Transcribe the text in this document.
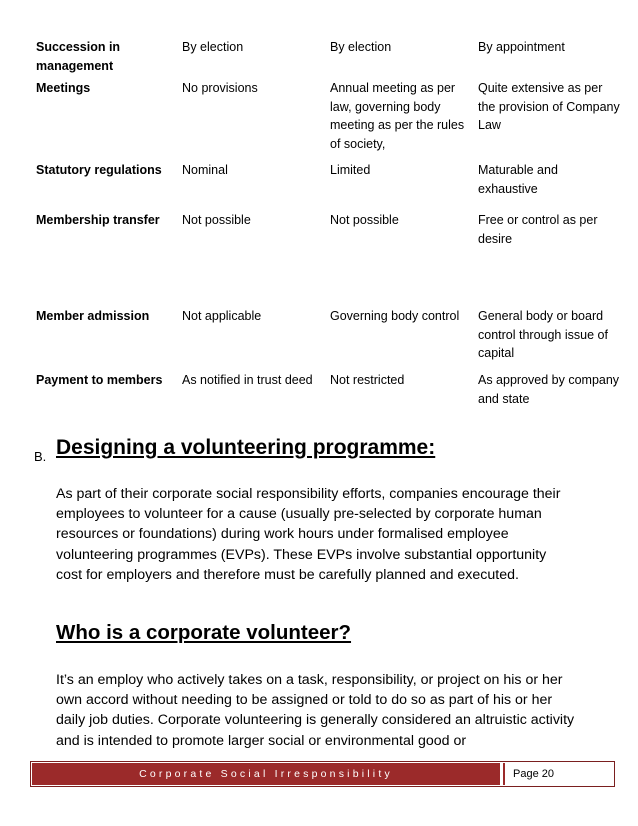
Succession in management	By election	By election	By appointment
Meetings	No provisions	Annual meeting as per law, governing body meeting as per the rules of society,	Quite extensive as per the provision of Company Law
Statutory regulations	Nominal	Limited	Maturable and exhaustive
Membership transfer	Not possible	Not possible	Free or control as per desire
Member admission	Not applicable	Governing body control	General body or board control through issue of capital
Payment to members	As notified in trust deed	Not restricted	As approved by company and state
B. Designing a volunteering programme:
As part of their corporate social responsibility efforts, companies encourage their employees to volunteer for a cause (usually pre-selected by corporate human resources or foundations) during work hours under formalised employee volunteering programmes (EVPs). These EVPs involve substantial opportunity cost for employers and therefore must be carefully planned and executed.
Who is a corporate volunteer?
It’s an employ who actively takes on a task, responsibility, or project on his or her own accord without needing to be assigned or told to do so as part of his or her daily job duties. Corporate volunteering is generally considered an altruistic activity and is intended to promote larger social or environmental good or
Corporate Social Irresponsibility	Page 20
